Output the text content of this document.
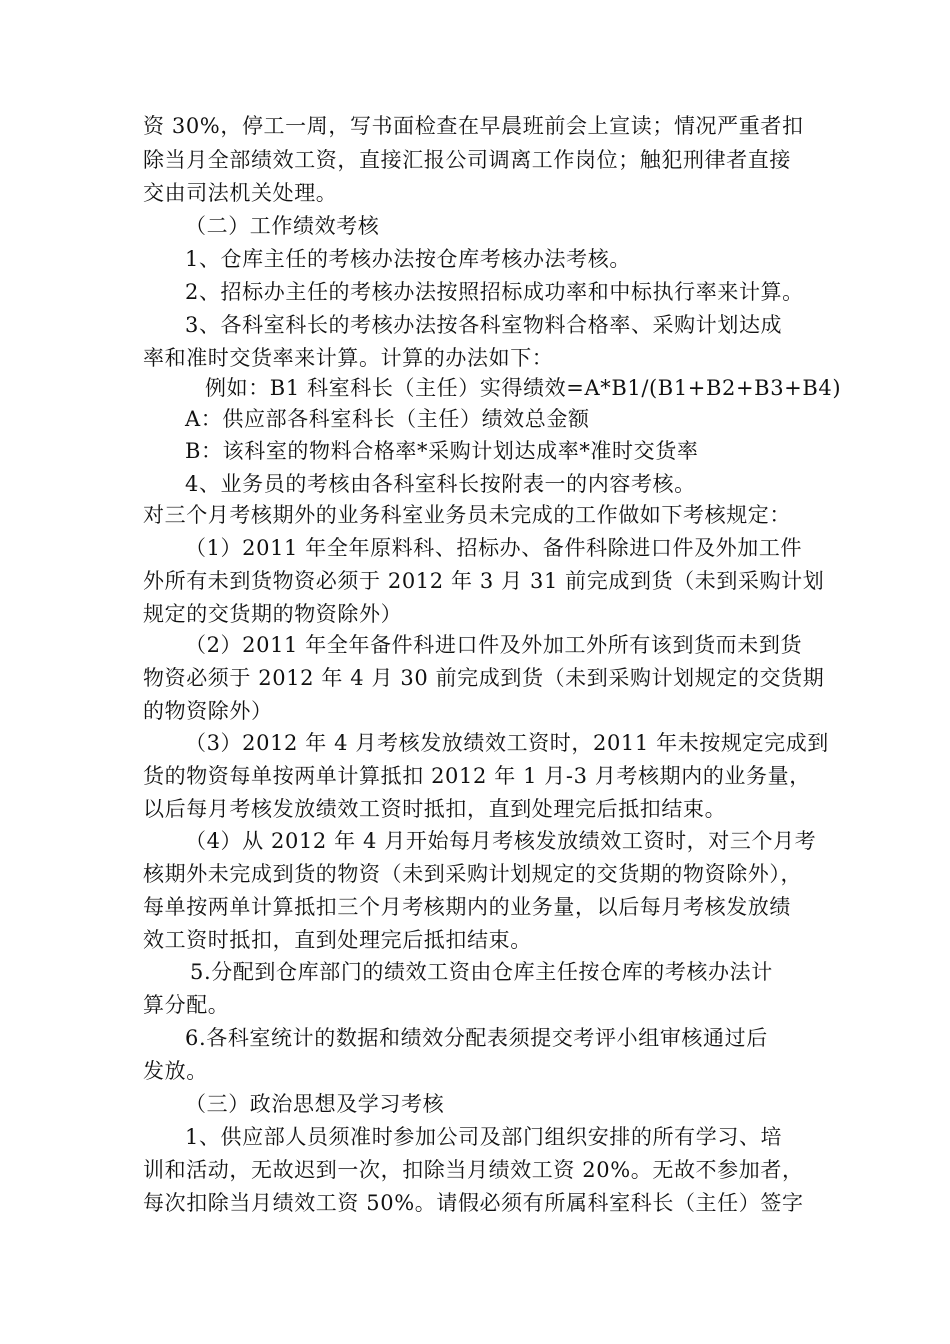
资 30%，停工一周，写书面检查在早晨班前会上宣读；情况严重者扣
除当月全部绩效工资，直接汇报公司调离工作岗位；触犯刑律者直接
交由司法机关处理。
（二）工作绩效考核
1、仓库主任的考核办法按仓库考核办法考核。
2、招标办主任的考核办法按照招标成功率和中标执行率来计算。
3、各科室科长的考核办法按各科室物料合格率、采购计划达成
率和准时交货率来计算。计算的办法如下：
例如：B1 科室科长（主任）实得绩效=A*B1/(B1+B2+B3+B4)
A：供应部各科室科长（主任）绩效总金额
B：该科室的物料合格率*采购计划达成率*准时交货率
4、业务员的考核由各科室科长按附表一的内容考核。
对三个月考核期外的业务科室业务员未完成的工作做如下考核规定：
（1）2011 年全年原料科、招标办、备件科除进口件及外加工件
外所有未到货物资必须于 2012 年 3 月 31 前完成到货（未到采购计划
规定的交货期的物资除外）
（2）2011 年全年备件科进口件及外加工外所有该到货而未到货
物资必须于 2012 年 4 月 30 前完成到货（未到采购计划规定的交货期
的物资除外）
（3）2012 年 4 月考核发放绩效工资时，2011 年未按规定完成到
货的物资每单按两单计算抵扣 2012 年 1 月-3 月考核期内的业务量，
以后每月考核发放绩效工资时抵扣，直到处理完后抵扣结束。
（4）从 2012 年 4 月开始每月考核发放绩效工资时，对三个月考
核期外未完成到货的物资（未到采购计划规定的交货期的物资除外），
每单按两单计算抵扣三个月考核期内的业务量，以后每月考核发放绩
效工资时抵扣，直到处理完后抵扣结束。
5.分配到仓库部门的绩效工资由仓库主任按仓库的考核办法计
算分配。
6.各科室统计的数据和绩效分配表须提交考评小组审核通过后
发放。
（三）政治思想及学习考核
1、供应部人员须准时参加公司及部门组织安排的所有学习、培
训和活动，无故迟到一次，扣除当月绩效工资 20%。无故不参加者，
每次扣除当月绩效工资 50%。请假必须有所属科室科长（主任）签字
